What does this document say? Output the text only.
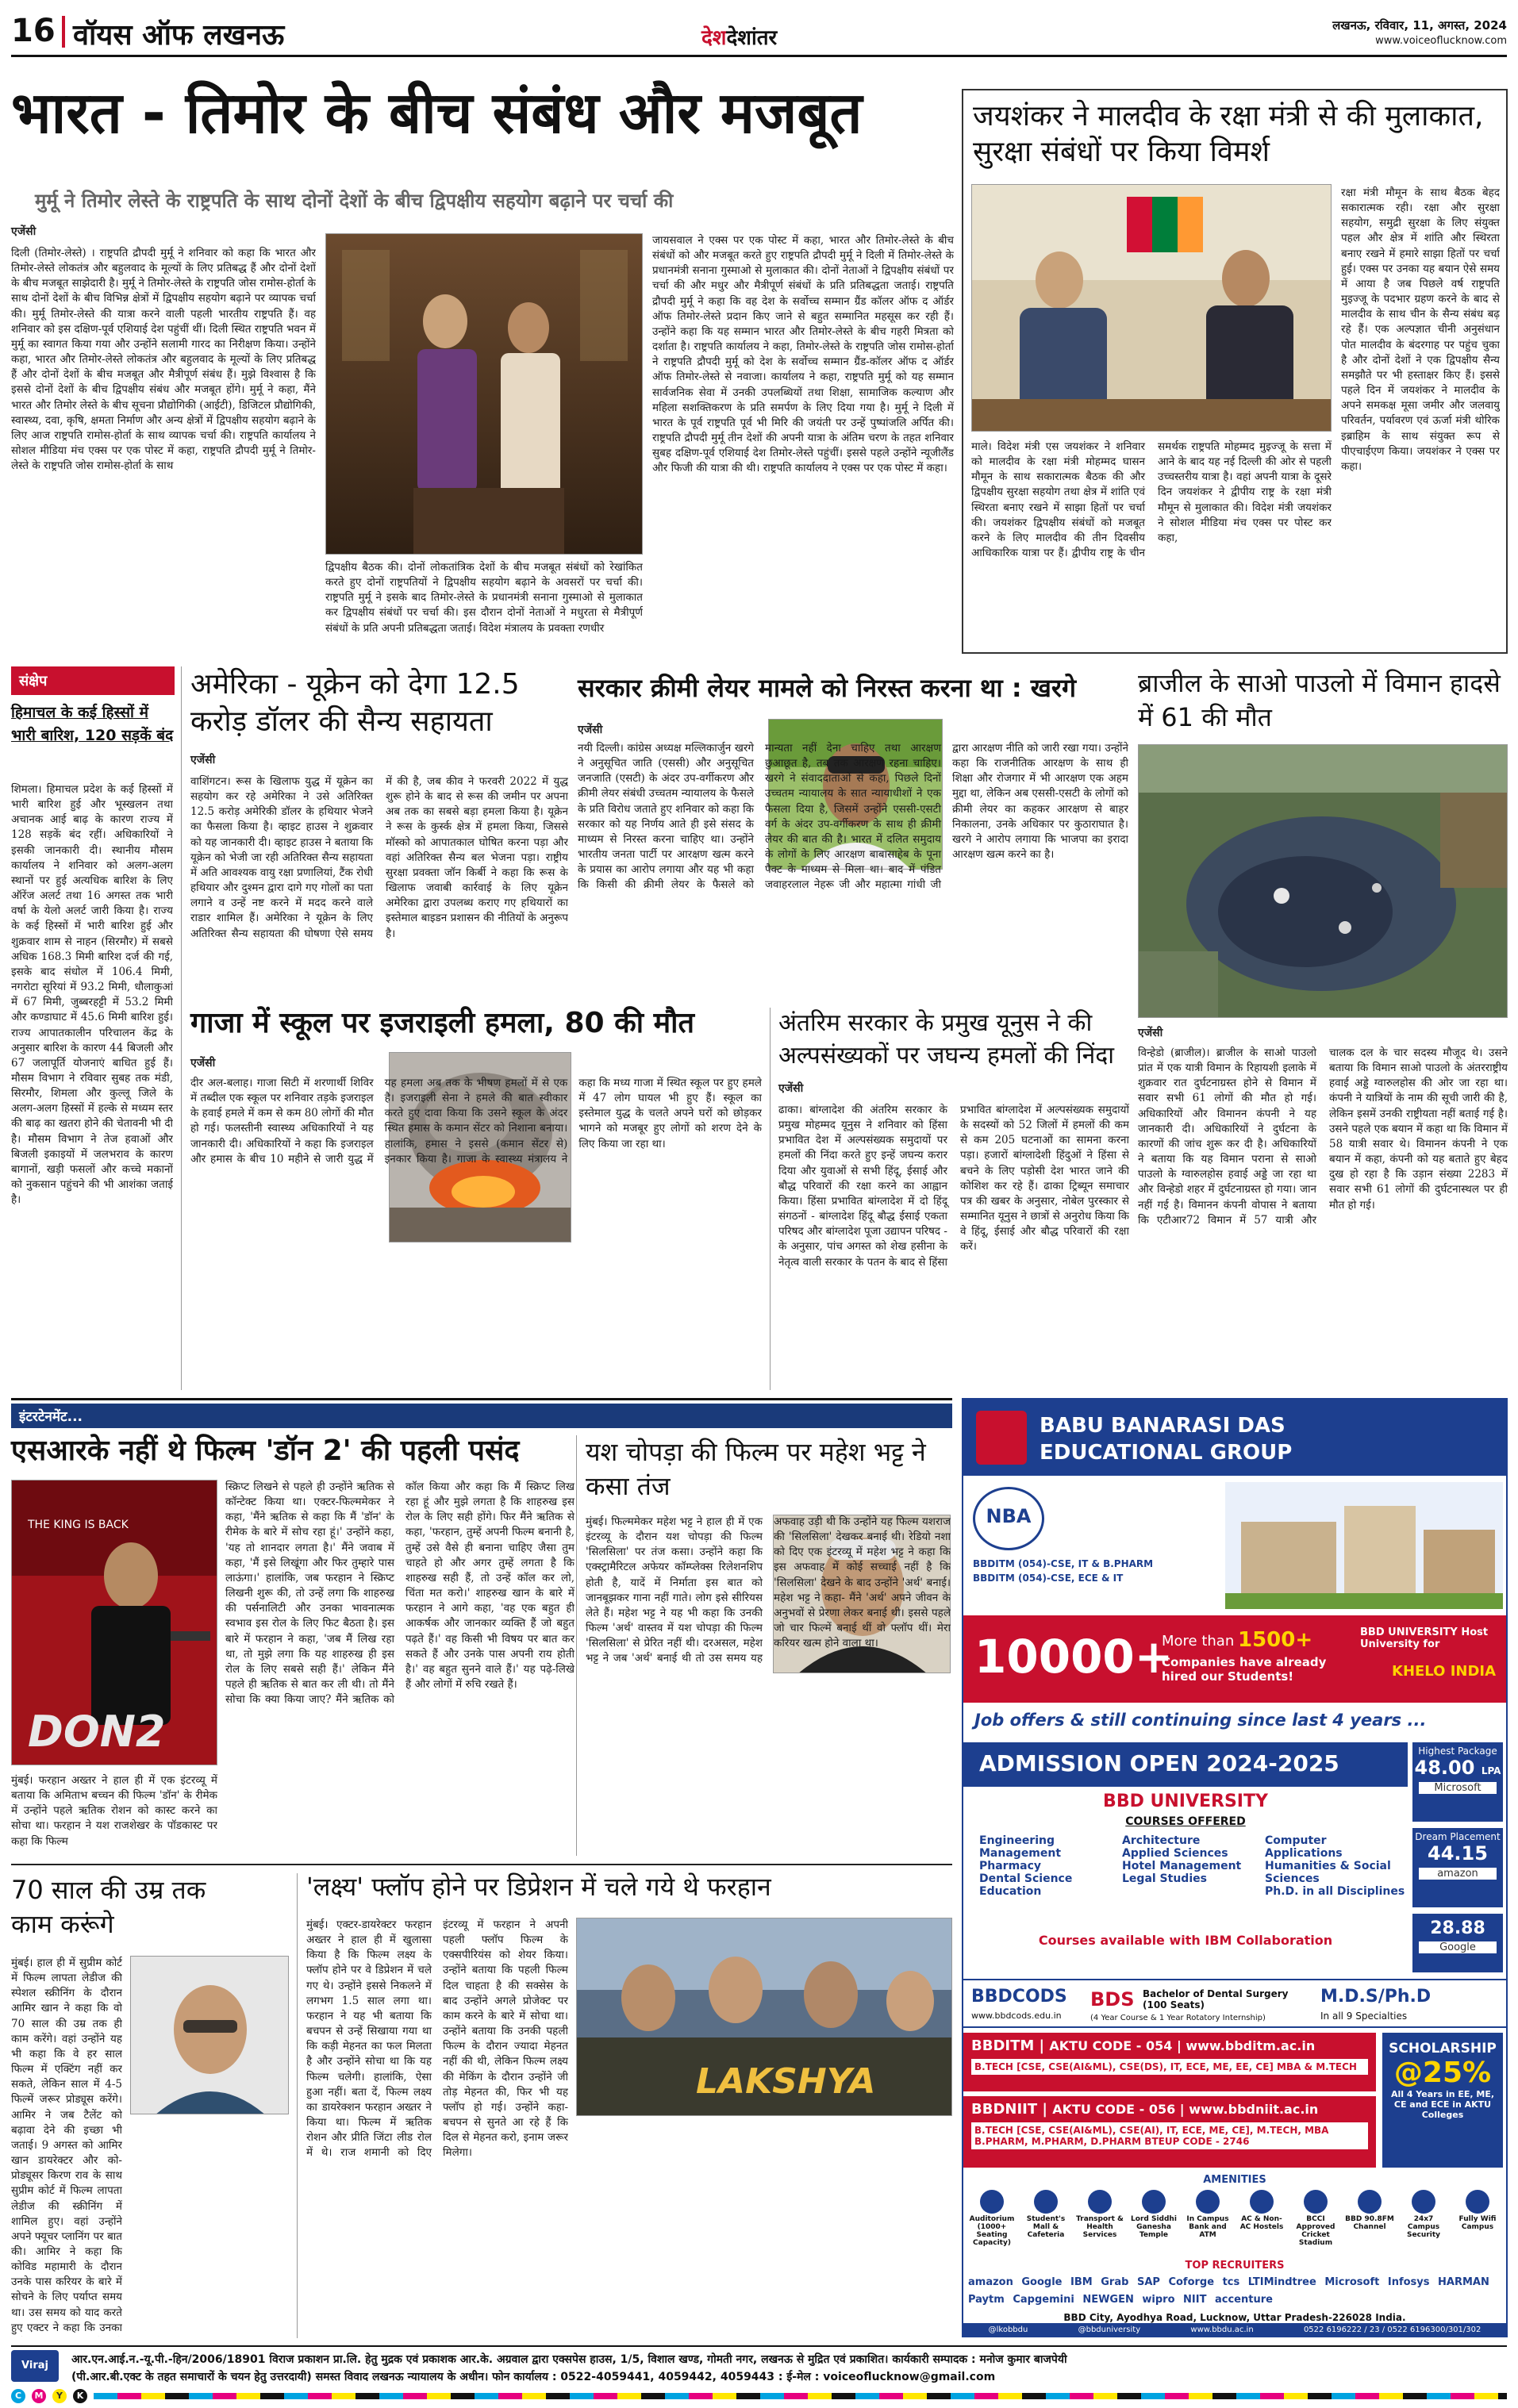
16 वॉयस ऑफ लखनऊ	देशदेशांतर
लखनऊ, रविवार, 11, अगस्त, 2024
www.voiceoflucknow.com
भारत - तिमोर के बीच संबंध और मजबूत
मुर्मू ने तिमोर लेस्ते के राष्ट्रपति के साथ दोनों देशों के बीच द्विपक्षीय सहयोग बढ़ाने पर चर्चा की
एजेंसी
दिली (तिमोर-लेस्ते) । राष्ट्रपति द्रौपदी मुर्मू ने शनिवार को कहा कि भारत और तिमोर-लेस्ते लोकतंत्र और बहुलवाद के मूल्यों के लिए प्रतिबद्ध हैं और दोनों देशों के बीच मजबूत साझेदारी है। मुर्मू ने तिमोर-लेस्ते के राष्ट्रपति जोस रामोस-होर्ता के साथ दोनों देशों के बीच विभिन्न क्षेत्रों में द्विपक्षीय सहयोग बढ़ाने पर व्यापक चर्चा की। मुर्मू तिमोर-लेस्ते की यात्रा करने वाली पहली भारतीय राष्ट्रपति हैं। वह शनिवार को इस दक्षिण-पूर्व एशियाई देश पहुंचीं थीं। दिली स्थित राष्ट्रपति भवन में मुर्मू का स्वागत किया गया और उन्होंने सलामी गारद का निरीक्षण किया। उन्होंने कहा, भारत और तिमोर-लेस्ते लोकतंत्र और बहुलवाद के मूल्यों के लिए प्रतिबद्ध हैं और दोनों देशों के बीच मजबूत और मैत्रीपूर्ण संबंध हैं। मुझे विश्वास है कि इससे दोनों देशों के बीच द्विपक्षीय संबंध और मजबूत होंगे। मुर्मू ने कहा, मैंने भारत और तिमोर लेस्ते के बीच सूचना प्रौद्योगिकी (आईटी), डिजिटल प्रौद्योगिकी, स्वास्थ्य, दवा, कृषि, क्षमता निर्माण और अन्य क्षेत्रों में द्विपक्षीय सहयोग बढ़ाने के लिए आज राष्ट्रपति रामोस-होर्ता के साथ व्यापक चर्चा की। राष्ट्रपति कार्यालय ने सोशल मीडिया मंच एक्स पर एक पोस्ट में कहा, राष्ट्रपति द्रौपदी मुर्मू ने तिमोर-लेस्ते के राष्ट्रपति जोस रामोस-होर्ता के साथ
द्विपक्षीय बैठक की। दोनों लोकतांत्रिक देशों के बीच मजबूत संबंधों को रेखांकित करते हुए दोनों राष्ट्रपतियों ने द्विपक्षीय सहयोग बढ़ाने के अवसरों पर चर्चा की। राष्ट्रपति मुर्मू ने इसके बाद तिमोर-लेस्ते के प्रधानमंत्री सनाना गुस्माओ से मुलाकात कर द्विपक्षीय संबंधों पर चर्चा की। इस दौरान दोनों नेताओं ने मधुरता से मैत्रीपूर्ण संबंधों के प्रति अपनी प्रतिबद्धता जताई। विदेश मंत्रालय के प्रवक्ता रणधीर
जायसवाल ने एक्स पर एक पोस्ट में कहा, भारत और तिमोर-लेस्ते के बीच संबंधों को और मजबूत करते हुए राष्ट्रपति द्रौपदी मुर्मू ने दिली में तिमोर-लेस्ते के प्रधानमंत्री सनाना गुस्माओ से मुलाकात की। दोनों नेताओं ने द्विपक्षीय संबंधों पर चर्चा की और मधुर और मैत्रीपूर्ण संबंधों के प्रति प्रतिबद्धता जताई। राष्ट्रपति द्रौपदी मुर्मू ने कहा कि वह देश के सर्वोच्च सम्मान ग्रैंड कॉलर ऑफ द ऑर्डर ऑफ तिमोर-लेस्ते प्रदान किए जाने से बहुत सम्मानित महसूस कर रही हैं। उन्होंने कहा कि यह सम्मान भारत और तिमोर-लेस्ते के बीच गहरी मित्रता को दर्शाता है। राष्ट्रपति कार्यालय ने कहा, तिमोर-लेस्ते के राष्ट्रपति जोस रामोस-होर्ता ने राष्ट्रपति द्रौपदी मुर्मू को देश के सर्वोच्च सम्मान ग्रैंड-कॉलर ऑफ द ऑर्डर ऑफ तिमोर-लेस्ते से नवाजा। कार्यालय ने कहा, राष्ट्रपति मुर्मू को यह सम्मान सार्वजनिक सेवा में उनकी उपलब्धियों तथा शिक्षा, सामाजिक कल्याण और महिला सशक्तिकरण के प्रति समर्पण के लिए दिया गया है। मुर्मू ने दिली में भारत के पूर्व राष्ट्रपति पूर्व भी मिरि की जयंती पर उन्हें पुष्पांजलि अर्पित की। राष्ट्रपति द्रौपदी मुर्मू तीन देशों की अपनी यात्रा के अंतिम चरण के तहत शनिवार सुबह दक्षिण-पूर्व एशियाई देश तिमोर-लेस्ते पहुंचीं। इससे पहले उन्होंने न्यूजीलैंड और फिजी की यात्रा की थी। राष्ट्रपति कार्यालय ने एक्स पर एक पोस्ट में कहा।
जयशंकर ने मालदीव के रक्षा मंत्री से की मुलाकात, सुरक्षा संबंधों पर किया विमर्श
रक्षा मंत्री मौमून के साथ बैठक बेहद सकारात्मक रही। रक्षा और सुरक्षा सहयोग, समुद्री सुरक्षा के लिए संयुक्त पहल और क्षेत्र में शांति और स्थिरता बनाए रखने में हमारे साझा हितों पर चर्चा हुई। एक्स पर उनका यह बयान ऐसे समय में आया है जब पिछले वर्ष राष्ट्रपति मुइज्जू के पदभार ग्रहण करने के बाद से मालदीव के साथ चीन के सैन्य संबंध बढ़ रहे हैं। एक अल्पज्ञात चीनी अनुसंधान पोत मालदीव के बंदरगाह पर पहुंच चुका है और दोनों देशों ने एक द्विपक्षीय सैन्य समझौते पर भी हस्ताक्षर किए हैं। इससे पहले दिन में जयशंकर ने मालदीव के अपने समकक्ष मूसा जमीर और जलवायु परिवर्तन, पर्यावरण एवं ऊर्जा मंत्री थोरिक इब्राहिम के साथ संयुक्त रूप से पीएचाईएण किया। जयशंकर ने एक्स पर कहा।
माले। विदेश मंत्री एस जयशंकर ने शनिवार को मालदीव के रक्षा मंत्री मोहम्मद घासन मौमून के साथ सकारात्मक बैठक की और द्विपक्षीय सुरक्षा सहयोग तथा क्षेत्र में शांति एवं स्थिरता बनाए रखने में साझा हितों पर चर्चा की। जयशंकर द्विपक्षीय संबंधों को मजबूत करने के लिए मालदीव की तीन दिवसीय आधिकारिक यात्रा पर हैं। द्वीपीय राष्ट्र के चीन समर्थक राष्ट्रपति मोहम्मद मुइज्जू के सत्ता में आने के बाद यह नई दिल्ली की ओर से पहली उच्चस्तरीय यात्रा है। वहां अपनी यात्रा के दूसरे दिन जयशंकर ने द्वीपीय राष्ट्र के रक्षा मंत्री मौमून से मुलाकात की। विदेश मंत्री जयशंकर ने सोशल मीडिया मंच एक्स पर पोस्ट कर कहा,
संक्षेप
हिमाचल के कई हिस्सों में भारी बारिश, 120 सड़कें बंद
शिमला। हिमाचल प्रदेश के कई हिस्सों में भारी बारिश हुई और भूस्खलन तथा अचानक आई बाढ़ के कारण राज्य में 128 सड़कें बंद रहीं। अधिकारियों ने इसकी जानकारी दी। स्थानीय मौसम कार्यालय ने शनिवार को अलग-अलग स्थानों पर हुई अत्यधिक बारिश के लिए ऑरेंज अलर्ट तथा 16 अगस्त तक भारी वर्षा के येलो अलर्ट जारी किया है। राज्य के कई हिस्सों में भारी बारिश हुई और शुक्रवार शाम से नाहन (सिरमौर) में सबसे अधिक 168.3 मिमी बारिश दर्ज की गई, इसके बाद संधोल में 106.4 मिमी, नगरोटा सूरियां में 93.2 मिमी, धौलाकुआं में 67 मिमी, जुब्बरहट्टी में 53.2 मिमी और कण्डाघाट में 45.6 मिमी बारिश हुई। राज्य आपातकालीन परिचालन केंद्र के अनुसार बारिश के कारण 44 बिजली और 67 जलापूर्ति योजनाएं बाधित हुई हैं। मौसम विभाग ने रविवार सुबह तक मंडी, सिरमौर, शिमला और कुल्लू जिले के अलग-अलग हिस्सों में हल्के से मध्यम स्तर की बाढ़ का खतरा होने की चेतावनी भी दी है। मौसम विभाग ने तेज हवाओं और बिजली इकाइयों में जलभराव के कारण बागानों, खड़ी फसलों और कच्चे मकानों को नुकसान पहुंचने की भी आशंका जताई है।
अमेरिका - यूक्रेन को देगा 12.5 करोड़ डॉलर की सैन्य सहायता
एजेंसी
वाशिंगटन। रूस के खिलाफ युद्ध में यूक्रेन का सहयोग कर रहे अमेरिका ने उसे अतिरिक्त 12.5 करोड़ अमेरिकी डॉलर के हथियार भेजने का फैसला किया है। व्हाइट हाउस ने शुक्रवार को यह जानकारी दी। व्हाइट हाउस ने बताया कि यूक्रेन को भेजी जा रही अतिरिक्त सैन्य सहायता में अति आवश्यक वायु रक्षा प्रणालियां, टैंक रोधी हथियार और दुश्मन द्वारा दागे गए गोलों का पता लगाने व उन्हें नष्ट करने में मदद करने वाले राडार शामिल हैं। अमेरिका ने यूक्रेन के लिए अतिरिक्त सैन्य सहायता की घोषणा ऐसे समय में की है, जब कीव ने फरवरी 2022 में युद्ध शुरू होने के बाद से रूस की जमीन पर अपना अब तक का सबसे बड़ा हमला किया है। यूक्रेन ने रूस के कुर्स्क क्षेत्र में हमला किया, जिससे मॉस्को को आपातकाल घोषित करना पड़ा और वहां अतिरिक्त सैन्य बल भेजना पड़ा। राष्ट्रीय सुरक्षा प्रवक्ता जॉन किर्बी ने कहा कि रूस के खिलाफ जवाबी कार्रवाई के लिए यूक्रेन अमेरिका द्वारा उपलब्ध कराए गए हथियारों का इस्तेमाल बाइडन प्रशासन की नीतियों के अनुरूप है।
सरकार क्रीमी लेयर मामले को निरस्त करना था : खरगे
एजेंसी
नयी दिल्ली। कांग्रेस अध्यक्ष मल्लिकार्जुन खरगे ने अनुसूचित जाति (एससी) और अनुसूचित जनजाति (एसटी) के अंदर उप-वर्गीकरण और क्रीमी लेयर संबंधी उच्चतम न्यायालय के फैसले के प्रति विरोध जताते हुए शनिवार को कहा कि सरकार को यह निर्णय आते ही इसे संसद के माध्यम से निरस्त करना चाहिए था। उन्होंने भारतीय जनता पार्टी पर आरक्षण खत्म करने के प्रयास का आरोप लगाया और यह भी कहा कि किसी की क्रीमी लेयर के फैसले को मान्यता नहीं देना चाहिए तथा आरक्षण छुआछूत है, तब तक आरक्षण रहना चाहिए। खरगे ने संवाददाताओं से कहा, पिछले दिनों उच्चतम न्यायालय के सात न्यायाधीशों ने एक फैसला दिया है, जिसमें उन्होंने एससी-एसटी वर्ग के अंदर उप-वर्गीकरण के साथ ही क्रीमी लेयर की बात की है। भारत में दलित समुदाय के लोगों के लिए आरक्षण बाबासाहेब के पूना पैक्ट के माध्यम से मिला था। बाद में पंडित जवाहरलाल नेहरू जी और महात्मा गांधी जी द्वारा आरक्षण नीति को जारी रखा गया। उन्होंने कहा कि राजनीतिक आरक्षण के साथ ही शिक्षा और रोजगार में भी आरक्षण एक अहम मुद्दा था, लेकिन अब एससी-एसटी के लोगों को क्रीमी लेयर का कहकर आरक्षण से बाहर निकालना, उनके अधिकार पर कुठाराघात है। खरगे ने आरोप लगाया कि भाजपा का इरादा आरक्षण खत्म करने का है।
ब्राजील के साओ पाउलो में विमान हादसे में 61 की मौत
एजेंसी
विन्हेडो (ब्राजील)। ब्राजील के साओ पाउलो प्रांत में एक यात्री विमान के रिहायशी इलाके में शुक्रवार रात दुर्घटनाग्रस्त होने से विमान में सवार सभी 61 लोगों की मौत हो गई। अधिकारियों और विमानन कंपनी ने यह जानकारी दी। अधिकारियों ने दुर्घटना के कारणों की जांच शुरू कर दी है। अधिकारियों ने बताया कि यह विमान पराना से साओ पाउलो के ग्वारुलहोस हवाई अड्डे जा रहा था और विन्हेडो शहर में दुर्घटनाग्रस्त हो गया। जान नहीं गई है। विमानन कंपनी वोपास ने बताया कि एटीआर72 विमान में 57 यात्री और चालक दल के चार सदस्य मौजूद थे। उसने बताया कि विमान साओ पाउलो के अंतरराष्ट्रीय हवाई अड्डे ग्वारुलहोस की ओर जा रहा था। कंपनी ने यात्रियों के नाम की सूची जारी की है, लेकिन इसमें उनकी राष्ट्रीयता नहीं बताई गई है। उसने पहले एक बयान में कहा था कि विमान में 58 यात्री सवार थे। विमानन कंपनी ने एक बयान में कहा, कंपनी को यह बताते हुए बेहद दुख हो रहा है कि उड़ान संख्या 2283 में सवार सभी 61 लोगों की दुर्घटनास्थल पर ही मौत हो गई।
गाजा में स्कूल पर इजराइली हमला, 80 की मौत
एजेंसी
दीर अल-बलाह। गाजा सिटी में शरणार्थी शिविर में तब्दील एक स्कूल पर शनिवार तड़के इजराइल के हवाई हमले में कम से कम 80 लोगों की मौत हो गई। फलस्तीनी स्वास्थ्य अधिकारियों ने यह जानकारी दी। अधिकारियों ने कहा कि इजराइल और हमास के बीच 10 महीने से जारी युद्ध में यह हमला अब तक के भीषण हमलों में से एक है। इजराइली सेना ने हमले की बात स्वीकार करते हुए दावा किया कि उसने स्कूल के अंदर स्थित हमास के कमान सेंटर को निशाना बनाया। हालांकि, हमास ने इससे (कमान सेंटर से) इनकार किया है। गाजा के स्वास्थ्य मंत्रालय ने कहा कि मध्य गाजा में स्थित स्कूल पर हुए हमले में 47 लोग घायल भी हुए हैं। स्कूल का इस्तेमाल युद्ध के चलते अपने घरों को छोड़कर भागने को मजबूर हुए लोगों को शरण देने के लिए किया जा रहा था।
अंतरिम सरकार के प्रमुख यूनुस ने की अल्पसंख्यकों पर जघन्य हमलों की निंदा
एजेंसी
ढाका। बांग्लादेश की अंतरिम सरकार के प्रमुख मोहम्मद यूनुस ने शनिवार को हिंसा प्रभावित देश में अल्पसंख्यक समुदायों पर हमलों की निंदा करते हुए इन्हें जघन्य करार दिया और युवाओं से सभी हिंदू, ईसाई और बौद्ध परिवारों की रक्षा करने का आह्वान किया। हिंसा प्रभावित बांग्लादेश में दो हिंदू संगठनों - बांग्लादेश हिंदू बौद्ध ईसाई एकता परिषद और बांग्लादेश पूजा उद्यापन परिषद - के अनुसार, पांच अगस्त को शेख हसीना के नेतृत्व वाली सरकार के पतन के बाद से हिंसा प्रभावित बांग्लादेश में अल्पसंख्यक समुदायों के सदस्यों को 52 जिलों में हमलों की कम से कम 205 घटनाओं का सामना करना पड़ा। हजारों बांग्लादेशी हिंदुओं ने हिंसा से बचने के लिए पड़ोसी देश भारत जाने की कोशिश कर रहे हैं। ढाका ट्रिब्यून समाचार पत्र की खबर के अनुसार, नोबेल पुरस्कार से सम्मानित यूनुस ने छात्रों से अनुरोध किया कि वे हिंदू, ईसाई और बौद्ध परिवारों की रक्षा करें।
इंटरटेनमेंट...
एसआरके नहीं थे फिल्म 'डॉन 2' की पहली पसंद
THE KING IS BACK
DON2
स्क्रिप्ट लिखने से पहले ही उन्होंने ऋतिक से कॉन्टेक्ट किया था। एक्टर-फिल्ममेकर ने कहा, 'मैंने ऋतिक से कहा कि मैं 'डॉन' के रीमेक के बारे में सोच रहा हूं।' उन्होंने कहा, 'यह तो शानदार लगता है।' मैंने जवाब में कहा, 'मैं इसे लिखूंगा और फिर तुम्हारे पास लाऊंगा।' हालांकि, जब फरहान ने स्क्रिप्ट लिखनी शुरू की, तो उन्हें लगा कि शाहरुख की पर्सनालिटी और उनका भावनात्मक स्वभाव इस रोल के लिए फिट बैठता है। इस बारे में फरहान ने कहा, 'जब मैं लिख रहा था, तो मुझे लगा कि यह शाहरुख ही इस रोल के लिए सबसे सही हैं।' लेकिन मैंने पहले ही ऋतिक से बात कर ली थी। तो मैंने सोचा कि क्या किया जाए? मैंने ऋतिक को कॉल किया और कहा कि मैं स्क्रिप्ट लिख रहा हूं और मुझे लगता है कि शाहरुख इस रोल के लिए सही होंगे। फिर मैंने ऋतिक से कहा, 'फरहान, तुम्हें अपनी फिल्म बनानी है, तुम्हें उसे वैसे ही बनाना चाहिए जैसा तुम चाहते हो और अगर तुम्हें लगता है कि शाहरुख सही हैं, तो उन्हें कॉल कर लो, चिंता मत करो।' शाहरुख खान के बारे में फरहान ने आगे कहा, 'वह एक बहुत ही आकर्षक और जानकार व्यक्ति हैं जो बहुत पढ़ते हैं।' वह किसी भी विषय पर बात कर सकते हैं और उनके पास अपनी राय होती है।' वह बहुत सुनने वाले हैं।' यह पढ़े-लिखे हैं और लोगों में रुचि रखते हैं।
मुंबई। फरहान अख्तर ने हाल ही में एक इंटरव्यू में बताया कि अमिताभ बच्चन की फिल्म 'डॉन' के रीमेक में उन्होंने पहले ऋतिक रोशन को कास्ट करने का सोचा था। फरहान ने यश राजशेखर के पॉडकास्ट पर कहा कि फिल्म
यश चोपड़ा की फिल्म पर महेश भट्ट ने कसा तंज
मुंबई। फिल्ममेकर महेश भट्ट ने हाल ही में एक इंटरव्यू के दौरान यश चोपड़ा की फिल्म 'सिलसिला' पर तंज कसा। उन्होंने कहा कि एक्स्ट्रामैरिटल अफेयर कॉम्प्लेक्स रिलेशनशिप होती है, यादें में निर्माता इस बात को जानबूझकर गाना नहीं गाते। लोग इसे सीरियस लेते हैं। महेश भट्ट ने यह भी कहा कि उनकी फिल्म 'अर्थ' वास्तव में यश चोपड़ा की फिल्म 'सिलसिला' से प्रेरित नहीं थी। दरअसल, महेश भट्ट ने जब 'अर्थ' बनाई थी तो उस समय यह अफवाह उड़ी थी कि उन्होंने यह फिल्म यशराज की 'सिलसिला' देखकर बनाई थी। रेडियो नशा को दिए एक इंटरव्यू में महेश भट्ट ने कहा कि इस अफवाह में कोई सच्चाई नहीं है कि 'सिलसिला' देखने के बाद उन्होंने 'अर्थ' बनाई। महेश भट्ट ने कहा- मैंने 'अर्थ' अपने जीवन के अनुभवों से प्रेरणा लेकर बनाई थी। इससे पहले जो चार फिल्में बनाई थीं वो फ्लॉप थीं। मेरा करियर खत्म होने वाला था।
70 साल की उम्र तक काम करूंगे
मुंबई। हाल ही में सुप्रीम कोर्ट में फिल्म लापता लेडीज की स्पेशल स्क्रीनिंग के दौरान आमिर खान ने कहा कि वो 70 साल की उम्र तक ही काम करेंगे। वहां उन्होंने यह भी कहा कि वे हर साल फिल्म में एक्टिंग नहीं कर सकते, लेकिन साल में 4-5 फिल्में जरूर प्रोड्यूस करेंगे। आमिर ने जब टैलेंट को बढ़ावा देने की इच्छा भी जताई। 9 अगस्त को आमिर खान डायरेक्टर और को-प्रोड्यूसर किरण राव के साथ सुप्रीम कोर्ट में फिल्म लापता लेडीज की स्क्रीनिंग में शामिल हुए। वहां उन्होंने अपने फ्यूचर प्लानिंग पर बात की। आमिर ने कहा कि कोविड महामारी के दौरान उनके पास करियर के बारे में सोचने के लिए पर्याप्त समय था। उस समय को याद करते हुए एक्टर ने कहा कि उनका
'लक्ष्य' फ्लॉप होने पर डिप्रेशन में चले गये थे फरहान
LAKSHYA
मुंबई। एक्टर-डायरेक्टर फरहान अख्तर ने हाल ही में खुलासा किया है कि फिल्म लक्ष्य के फ्लॉप होने पर वे डिप्रेशन में चले गए थे। उन्होंने इससे निकलने में लगभग 1.5 साल लगा था। फरहान ने यह भी बताया कि बचपन से उन्हें सिखाया गया था कि कड़ी मेहनत का फल मिलता है और उन्होंने सोचा था कि यह फिल्म चलेगी। हालांकि, ऐसा हुआ नहीं। बता दें, फिल्म लक्ष्य का डायरेक्शन फरहान अख्तर ने किया था। फिल्म में ऋतिक रोशन और प्रीति जिंटा लीड रोल में थे। राज शमानी को दिए इंटरव्यू में फरहान ने अपनी पहली फ्लॉप फिल्म के एक्सपीरियंस को शेयर किया। उन्होंने बताया कि पहली फिल्म दिल चाहता है की सक्सेस के बाद उन्होंने अगले प्रोजेक्ट पर काम करने के बारे में सोचा था। उन्होंने बताया कि उनकी पहली फिल्म के दौरान ज्यादा मेहनत नहीं की थी, लेकिन फिल्म लक्ष्य की मेकिंग के दौरान उन्होंने जी तोड़ मेहनत की, फिर भी यह फ्लॉप हो गई। उन्होंने कहा- बचपन से सुनते आ रहे हैं कि दिल से मेहनत करो, इनाम जरूर मिलेगा।
BABU BANARASI DAS
EDUCATIONAL GROUP
NBA
BBDITM (054)-CSE, IT & B.PHARM
BBDITM (054)-CSE, ECE & IT
10000+
More than 1500+
Companies have already hired our Students!
BBD UNIVERSITY Host University for
KHELO INDIA
Job offers & still continuing since last 4 years ...
ADMISSION OPEN 2024-2025	Highest Package
48.00 LPA
Microsoft
BBD UNIVERSITY
COURSES OFFERED
Engineering
Management
Pharmacy
Dental Science
Education
Architecture
Applied Sciences
Hotel Management
Legal Studies
Computer Applications
Humanities & Social Sciences
Ph.D. in all Disciplines
Courses available with IBM Collaboration
Dream Placement
44.15
amazon
28.88
Google
BBDCODS
www.bbdcods.edu.in
BDS Bachelor of Dental Surgery (100 Seats)
(4 Year Course & 1 Year Rotatory Internship)
M.D.S/Ph.D
In all 9 Specialties
BBDITM | AKTU CODE - 054 | www.bbditm.ac.in
B.TECH [CSE, CSE(AI&ML), CSE(DS), IT, ECE, ME, EE, CE] MBA & M.TECH
BBDNIIT | AKTU CODE - 056 | www.bbdniit.ac.in
B.TECH [CSE, CSE(AI&ML), CSE(AI), IT, ECE, ME, CE], M.TECH, MBA B.PHARM, M.PHARM, D.PHARM BTEUP CODE - 2746
SCHOLARSHIP
@25%
All 4 Years in EE, ME, CE and ECE in AKTU Colleges
AMENITIES
Auditorium (1000+ Seating Capacity)
Student's Mall & Cafeteria
Transport & Health Services
Lord Siddhi Ganesha Temple
In Campus Bank and ATM
AC & Non-AC Hostels
BCCI Approved Cricket Stadium
BBD 90.8FM Channel
24x7 Campus Security
Fully Wifi Campus
TOP RECRUITERS
amazon Google IBM Grab SAP Coforge tcs LTIMindtree Microsoft Infosys HARMAN Paytm Capgemini NEWGEN wipro NIIT accenture
BBD City, Ayodhya Road, Lucknow, Uttar Pradesh-226028 India.
@lkobbdu	@bbduniversity	www.bbdu.ac.in	0522 6196222 / 23 / 0522 6196300/301/302
Viraj	आर.एन.आई.न.-यू.पी.-हिन/2006/18901 विराज प्रकाशन प्रा.लि. हेतु मुद्रक एवं प्रकाशक आर.के. अग्रवाल द्वारा एक्सपेस हाउस, 1/5, विशाल खण्ड, गोमती नगर, लखनऊ से मुद्रित एवं प्रकाशित। कार्यकारी सम्पादक : मनोज कुमार बाजपेयी
(पी.आर.बी.एक्ट के तहत समाचारों के चयन हेतु उत्तरदायी) समस्त विवाद लखनऊ न्यायालय के अधीन। फोन कार्यालय : 0522-4059441, 4059442, 4059443 : ई-मेल : voiceoflucknow@gmail.com
C	M	Y	K
